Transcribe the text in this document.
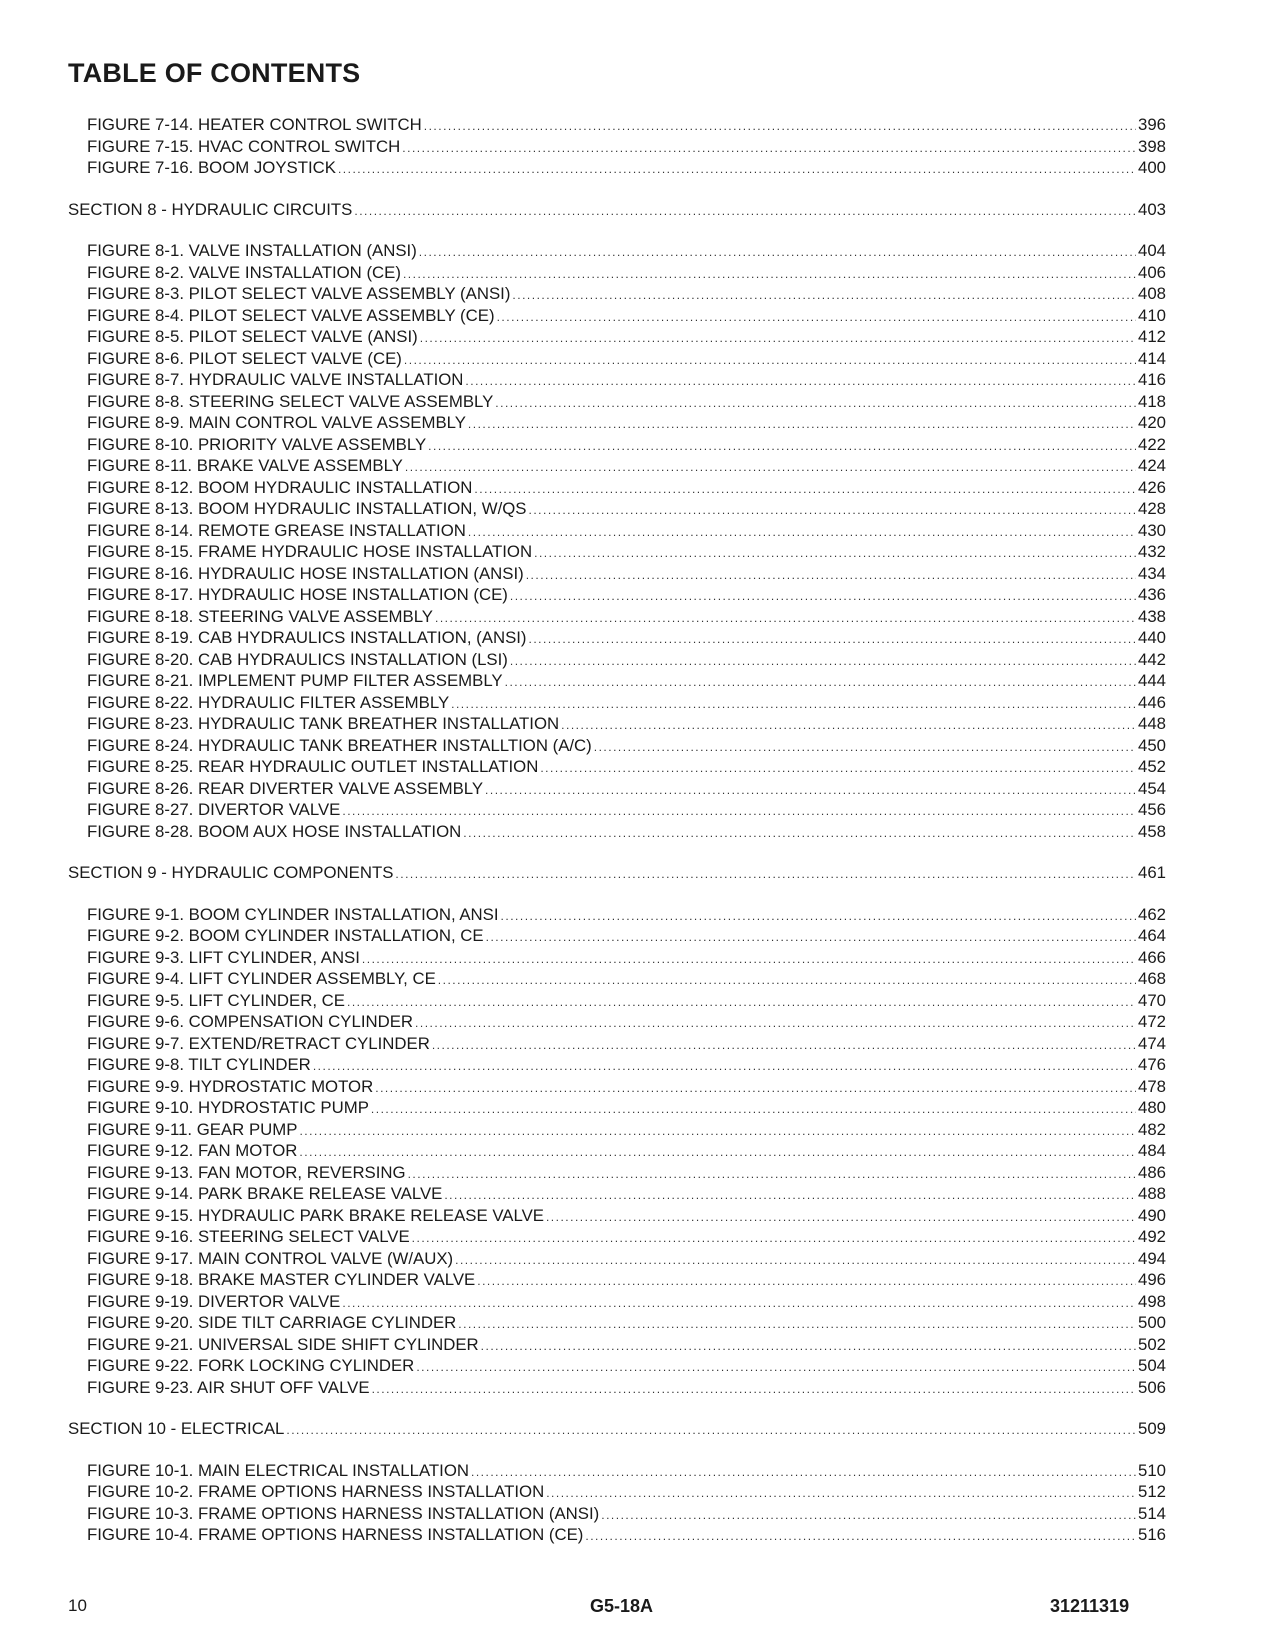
TABLE OF CONTENTS
FIGURE 7-14. HEATER CONTROL SWITCH .....	396
FIGURE 7-15. HVAC CONTROL SWITCH .....	398
FIGURE 7-16. BOOM JOYSTICK .....	400
SECTION 8 - HYDRAULIC CIRCUITS .....	403
FIGURE 8-1. VALVE INSTALLATION (ANSI) .....	404
FIGURE 8-2. VALVE INSTALLATION (CE) .....	406
FIGURE 8-3. PILOT SELECT VALVE ASSEMBLY (ANSI) .....	408
FIGURE 8-4. PILOT SELECT VALVE ASSEMBLY (CE) .....	410
FIGURE 8-5. PILOT SELECT VALVE (ANSI) .....	412
FIGURE 8-6. PILOT SELECT VALVE (CE) .....	414
FIGURE 8-7. HYDRAULIC VALVE INSTALLATION .....	416
FIGURE 8-8. STEERING SELECT VALVE ASSEMBLY .....	418
FIGURE 8-9. MAIN CONTROL VALVE ASSEMBLY .....	420
FIGURE 8-10. PRIORITY VALVE ASSEMBLY .....	422
FIGURE 8-11. BRAKE VALVE ASSEMBLY .....	424
FIGURE 8-12. BOOM HYDRAULIC INSTALLATION .....	426
FIGURE 8-13. BOOM HYDRAULIC INSTALLATION, W/QS .....	428
FIGURE 8-14. REMOTE GREASE INSTALLATION .....	430
FIGURE 8-15. FRAME HYDRAULIC HOSE INSTALLATION .....	432
FIGURE 8-16. HYDRAULIC HOSE INSTALLATION (ANSI) .....	434
FIGURE 8-17. HYDRAULIC HOSE INSTALLATION (CE) .....	436
FIGURE 8-18. STEERING VALVE ASSEMBLY .....	438
FIGURE 8-19. CAB HYDRAULICS INSTALLATION, (ANSI) .....	440
FIGURE 8-20. CAB HYDRAULICS INSTALLATION (LSI) .....	442
FIGURE 8-21. IMPLEMENT PUMP FILTER ASSEMBLY .....	444
FIGURE 8-22. HYDRAULIC FILTER ASSEMBLY .....	446
FIGURE 8-23. HYDRAULIC TANK BREATHER INSTALLATION .....	448
FIGURE 8-24. HYDRAULIC TANK BREATHER INSTALLTION (A/C) .....	450
FIGURE 8-25. REAR HYDRAULIC OUTLET INSTALLATION .....	452
FIGURE 8-26. REAR DIVERTER VALVE ASSEMBLY .....	454
FIGURE 8-27. DIVERTOR VALVE .....	456
FIGURE 8-28. BOOM AUX HOSE INSTALLATION .....	458
SECTION 9 - HYDRAULIC COMPONENTS .....	461
FIGURE 9-1. BOOM CYLINDER INSTALLATION, ANSI .....	462
FIGURE 9-2. BOOM CYLINDER INSTALLATION, CE .....	464
FIGURE 9-3. LIFT CYLINDER, ANSI .....	466
FIGURE 9-4. LIFT CYLINDER ASSEMBLY, CE .....	468
FIGURE 9-5. LIFT CYLINDER, CE .....	470
FIGURE 9-6. COMPENSATION CYLINDER .....	472
FIGURE 9-7. EXTEND/RETRACT CYLINDER .....	474
FIGURE 9-8. TILT CYLINDER .....	476
FIGURE 9-9. HYDROSTATIC MOTOR .....	478
FIGURE 9-10. HYDROSTATIC PUMP .....	480
FIGURE 9-11. GEAR PUMP .....	482
FIGURE 9-12. FAN MOTOR .....	484
FIGURE 9-13. FAN MOTOR, REVERSING .....	486
FIGURE 9-14. PARK BRAKE RELEASE VALVE .....	488
FIGURE 9-15. HYDRAULIC PARK BRAKE RELEASE VALVE .....	490
FIGURE 9-16. STEERING SELECT VALVE .....	492
FIGURE 9-17. MAIN CONTROL VALVE (W/AUX) .....	494
FIGURE 9-18. BRAKE MASTER CYLINDER VALVE .....	496
FIGURE 9-19. DIVERTOR VALVE .....	498
FIGURE 9-20. SIDE TILT CARRIAGE CYLINDER .....	500
FIGURE 9-21. UNIVERSAL SIDE SHIFT CYLINDER .....	502
FIGURE 9-22. FORK LOCKING CYLINDER .....	504
FIGURE 9-23. AIR SHUT OFF VALVE .....	506
SECTION 10 - ELECTRICAL .....	509
FIGURE 10-1. MAIN ELECTRICAL INSTALLATION .....	510
FIGURE 10-2. FRAME OPTIONS HARNESS INSTALLATION .....	512
FIGURE 10-3. FRAME OPTIONS HARNESS INSTALLATION (ANSI) .....	514
FIGURE 10-4. FRAME OPTIONS HARNESS INSTALLATION (CE) .....	516
10	G5-18A	31211319
